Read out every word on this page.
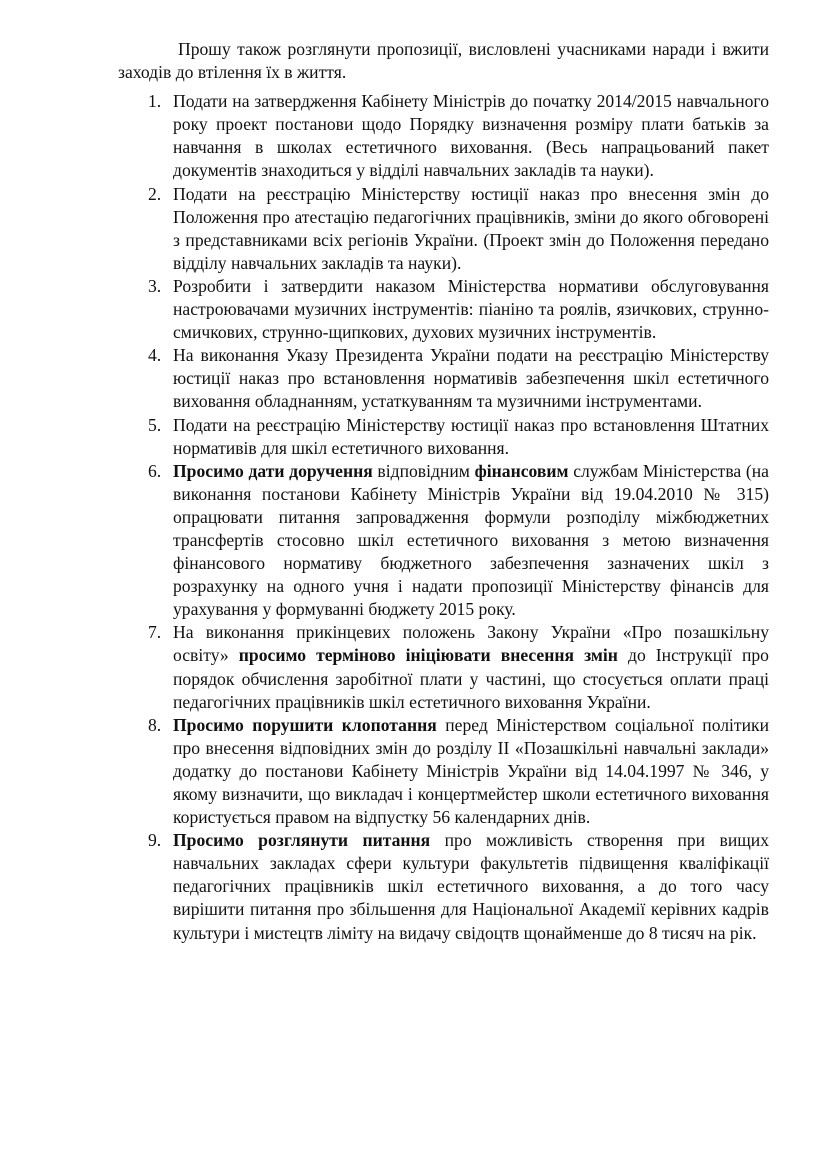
Прошу також розглянути пропозиції, висловлені учасниками наради і вжити заходів до втілення їх в життя.

1. Подати на затвердження Кабінету Міністрів до початку 2014/2015 навчального року проект постанови щодо Порядку визначення розміру плати батьків за навчання в школах естетичного виховання. (Весь напрацьований пакет документів знаходиться у відділі навчальних закладів та науки).
2. Подати на реєстрацію Міністерству юстиції наказ про внесення змін до Положення про атестацію педагогічних працівників, зміни до якого обговорені з представниками всіх регіонів України. (Проект змін до Положення передано відділу навчальних закладів та науки).
3. Розробити і затвердити наказом Міністерства нормативи обслуговування настроювачами музичних інструментів: піаніно та роялів, язичкових, струнно-смичкових, струнно-щипкових, духових музичних інструментів.
4. На виконання Указу Президента України подати на реєстрацію Міністерству юстиції наказ про встановлення нормативів забезпечення шкіл естетичного виховання обладнанням, устаткуванням та музичними інструментами.
5. Подати на реєстрацію Міністерству юстиції наказ про встановлення Штатних нормативів для шкіл естетичного виховання.
6. Просимо дати доручення відповідним фінансовим службам Міністерства (на виконання постанови Кабінету Міністрів України від 19.04.2010 № 315) опрацювати питання запровадження формули розподілу міжбюджетних трансфертів стосовно шкіл естетичного виховання з метою визначення фінансового нормативу бюджетного забезпечення зазначених шкіл з розрахунку на одного учня і надати пропозиції Міністерству фінансів для урахування у формуванні бюджету 2015 року.
7. На виконання прикінцевих положень Закону України «Про позашкільну освіту» просимо терміново ініціювати внесення змін до Інструкції про порядок обчислення заробітної плати у частині, що стосується оплати праці педагогічних працівників шкіл естетичного виховання України.
8. Просимо порушити клопотання перед Міністерством соціальної політики про внесення відповідних змін до розділу ІІ «Позашкільні навчальні заклади» додатку до постанови Кабінету Міністрів України від 14.04.1997 № 346, у якому визначити, що викладач і концертмейстер школи естетичного виховання користується правом на відпустку 56 календарних днів.
9. Просимо розглянути питання про можливість створення при вищих навчальних закладах сфери культури факультетів підвищення кваліфікації педагогічних працівників шкіл естетичного виховання, а до того часу вирішити питання про збільшення для Національної Академії керівних кадрів культури і мистецтв ліміту на видачу свідоцтв щонайменше до 8 тисяч на рік.
